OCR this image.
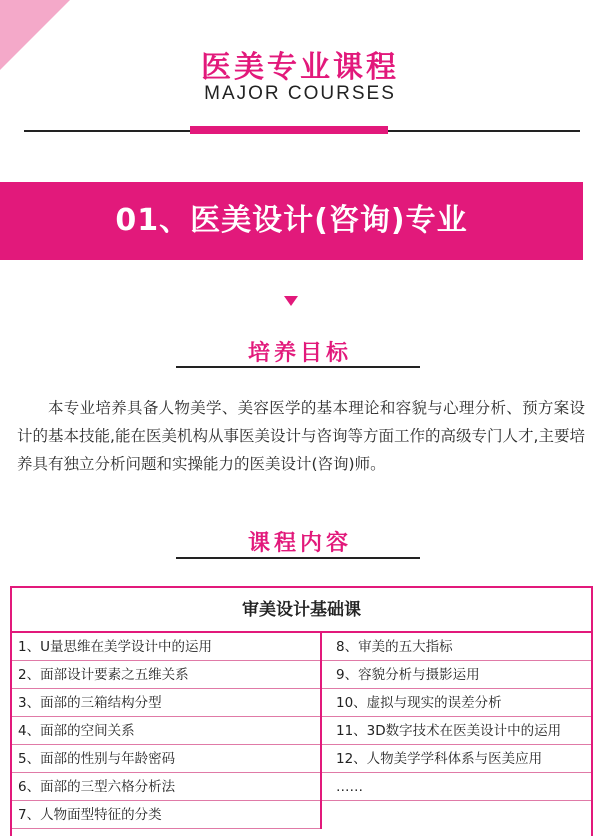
医美专业课程
MAJOR COURSES
01、医美设计(咨询)专业
培养目标
本专业培养具备人物美学、美容医学的基本理论和容貌与心理分析、预方案设计的基本技能,能在医美机构从事医美设计与咨询等方面工作的高级专门人才,主要培养具有独立分析问题和实操能力的医美设计(咨询)师。
课程内容
审美设计基础课
1、U量思维在美学设计中的运用
2、面部设计要素之五维关系
3、面部的三箱结构分型
4、面部的空间关系
5、面部的性别与年龄密码
6、面部的三型六格分析法
7、人物面型特征的分类
8、审美的五大指标
9、容貌分析与摄影运用
10、虚拟与现实的误差分析
11、3D数字技术在医美设计中的运用
12、人物美学学科体系与医美应用
……
